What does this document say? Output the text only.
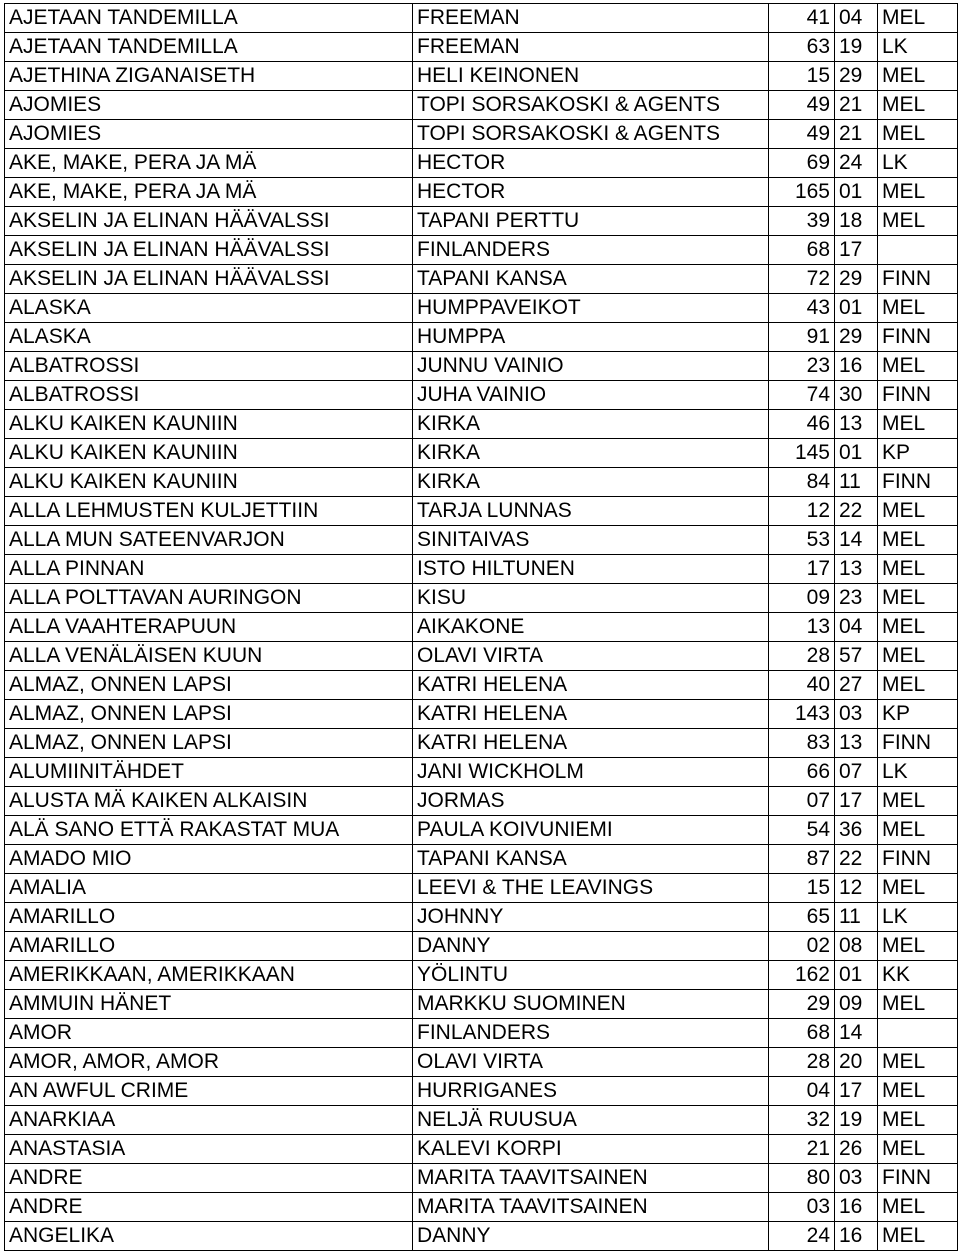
AJETAAN TANDEMILLA	FREEMAN	41	04	MEL
AJETAAN TANDEMILLA	FREEMAN	63	19	LK
AJETHINA ZIGANAISETH	HELI KEINONEN	15	29	MEL
AJOMIES	TOPI SORSAKOSKI & AGENTS	49	21	MEL
AJOMIES	TOPI SORSAKOSKI & AGENTS	49	21	MEL
AKE, MAKE, PERA JA MÄ	HECTOR	69	24	LK
AKE, MAKE, PERA JA MÄ	HECTOR	165	01	MEL
AKSELIN JA ELINAN HÄÄVALSSI	TAPANI PERTTU	39	18	MEL
AKSELIN JA ELINAN HÄÄVALSSI	FINLANDERS	68	17	
AKSELIN JA ELINAN HÄÄVALSSI	TAPANI KANSA	72	29	FINN
ALASKA	HUMPPAVEIKOT	43	01	MEL
ALASKA	HUMPPA	91	29	FINN
ALBATROSSI	JUNNU VAINIO	23	16	MEL
ALBATROSSI	JUHA VAINIO	74	30	FINN
ALKU KAIKEN KAUNIIN	KIRKA	46	13	MEL
ALKU KAIKEN KAUNIIN	KIRKA	145	01	KP
ALKU KAIKEN KAUNIIN	KIRKA	84	11	FINN
ALLA LEHMUSTEN KULJETTIIN	TARJA LUNNAS	12	22	MEL
ALLA MUN SATEENVARJON	SINITAIVAS	53	14	MEL
ALLA PINNAN	ISTO HILTUNEN	17	13	MEL
ALLA POLTTAVAN AURINGON	KISU	09	23	MEL
ALLA VAAHTERAPUUN	AIKAKONE	13	04	MEL
ALLA VENÄLÄISEN KUUN	OLAVI VIRTA	28	57	MEL
ALMAZ, ONNEN LAPSI	KATRI HELENA	40	27	MEL
ALMAZ, ONNEN LAPSI	KATRI HELENA	143	03	KP
ALMAZ, ONNEN LAPSI	KATRI HELENA	83	13	FINN
ALUMIINITÄHDET	JANI WICKHOLM	66	07	LK
ALUSTA MÄ KAIKEN ALKAISIN	JORMAS	07	17	MEL
ALÄ SANO ETTÄ RAKASTAT MUA	PAULA KOIVUNIEMI	54	36	MEL
AMADO MIO	TAPANI KANSA	87	22	FINN
AMALIA	LEEVI & THE LEAVINGS	15	12	MEL
AMARILLO	JOHNNY	65	11	LK
AMARILLO	DANNY	02	08	MEL
AMERIKKAAN, AMERIKKAAN	YÖLINTU	162	01	KK
AMMUIN HÄNET	MARKKU SUOMINEN	29	09	MEL
AMOR	FINLANDERS	68	14	
AMOR, AMOR, AMOR	OLAVI VIRTA	28	20	MEL
AN AWFUL CRIME	HURRIGANES	04	17	MEL
ANARKIAA	NELJÄ RUUSUA	32	19	MEL
ANASTASIA	KALEVI KORPI	21	26	MEL
ANDRE	MARITA TAAVITSAINEN	80	03	FINN
ANDRE	MARITA TAAVITSAINEN	03	16	MEL
ANGELIKA	DANNY	24	16	MEL
